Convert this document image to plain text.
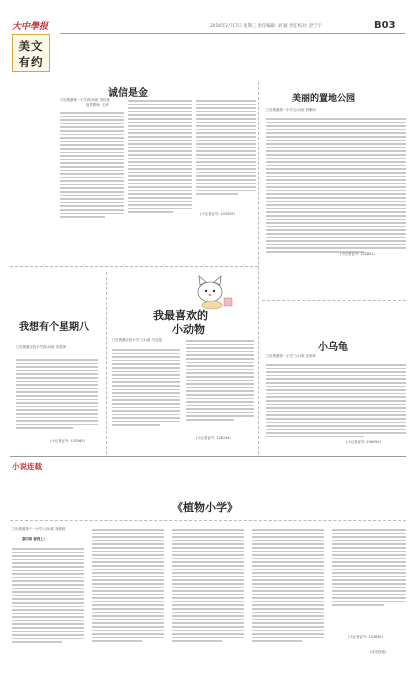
大中學报
美文有约
2016年2月17日 星期三 责任编辑: 刘 颖 责任校对: 赵宁宇	B03
诚信是金
□吐鲁番第一小学四(5)班 李佳萱
指导教师: 王萍
(小记者证号: 103429)
美丽的置地公园
□吐鲁番第一小学五(2)班 何紫雨
(小记者证号: 102801)
我想有个星期八
□吐鲁番实验小学四(2)班 刘美琪
(小记者证号: 102560)
我最喜欢的
小动物
□吐鲁番实验小学三(1)班 马克瑞
(小记者证号: 106226)
小乌龟
□吐鲁番第一小学三(1)班 任欣妍
(小记者证号: 106050)
小说连载
《植物小学》
□吐鲁番第十一小学六(5)班 刘晨晨
第四章 春到上！
(小记者证号: 103630)
(未完待续)
